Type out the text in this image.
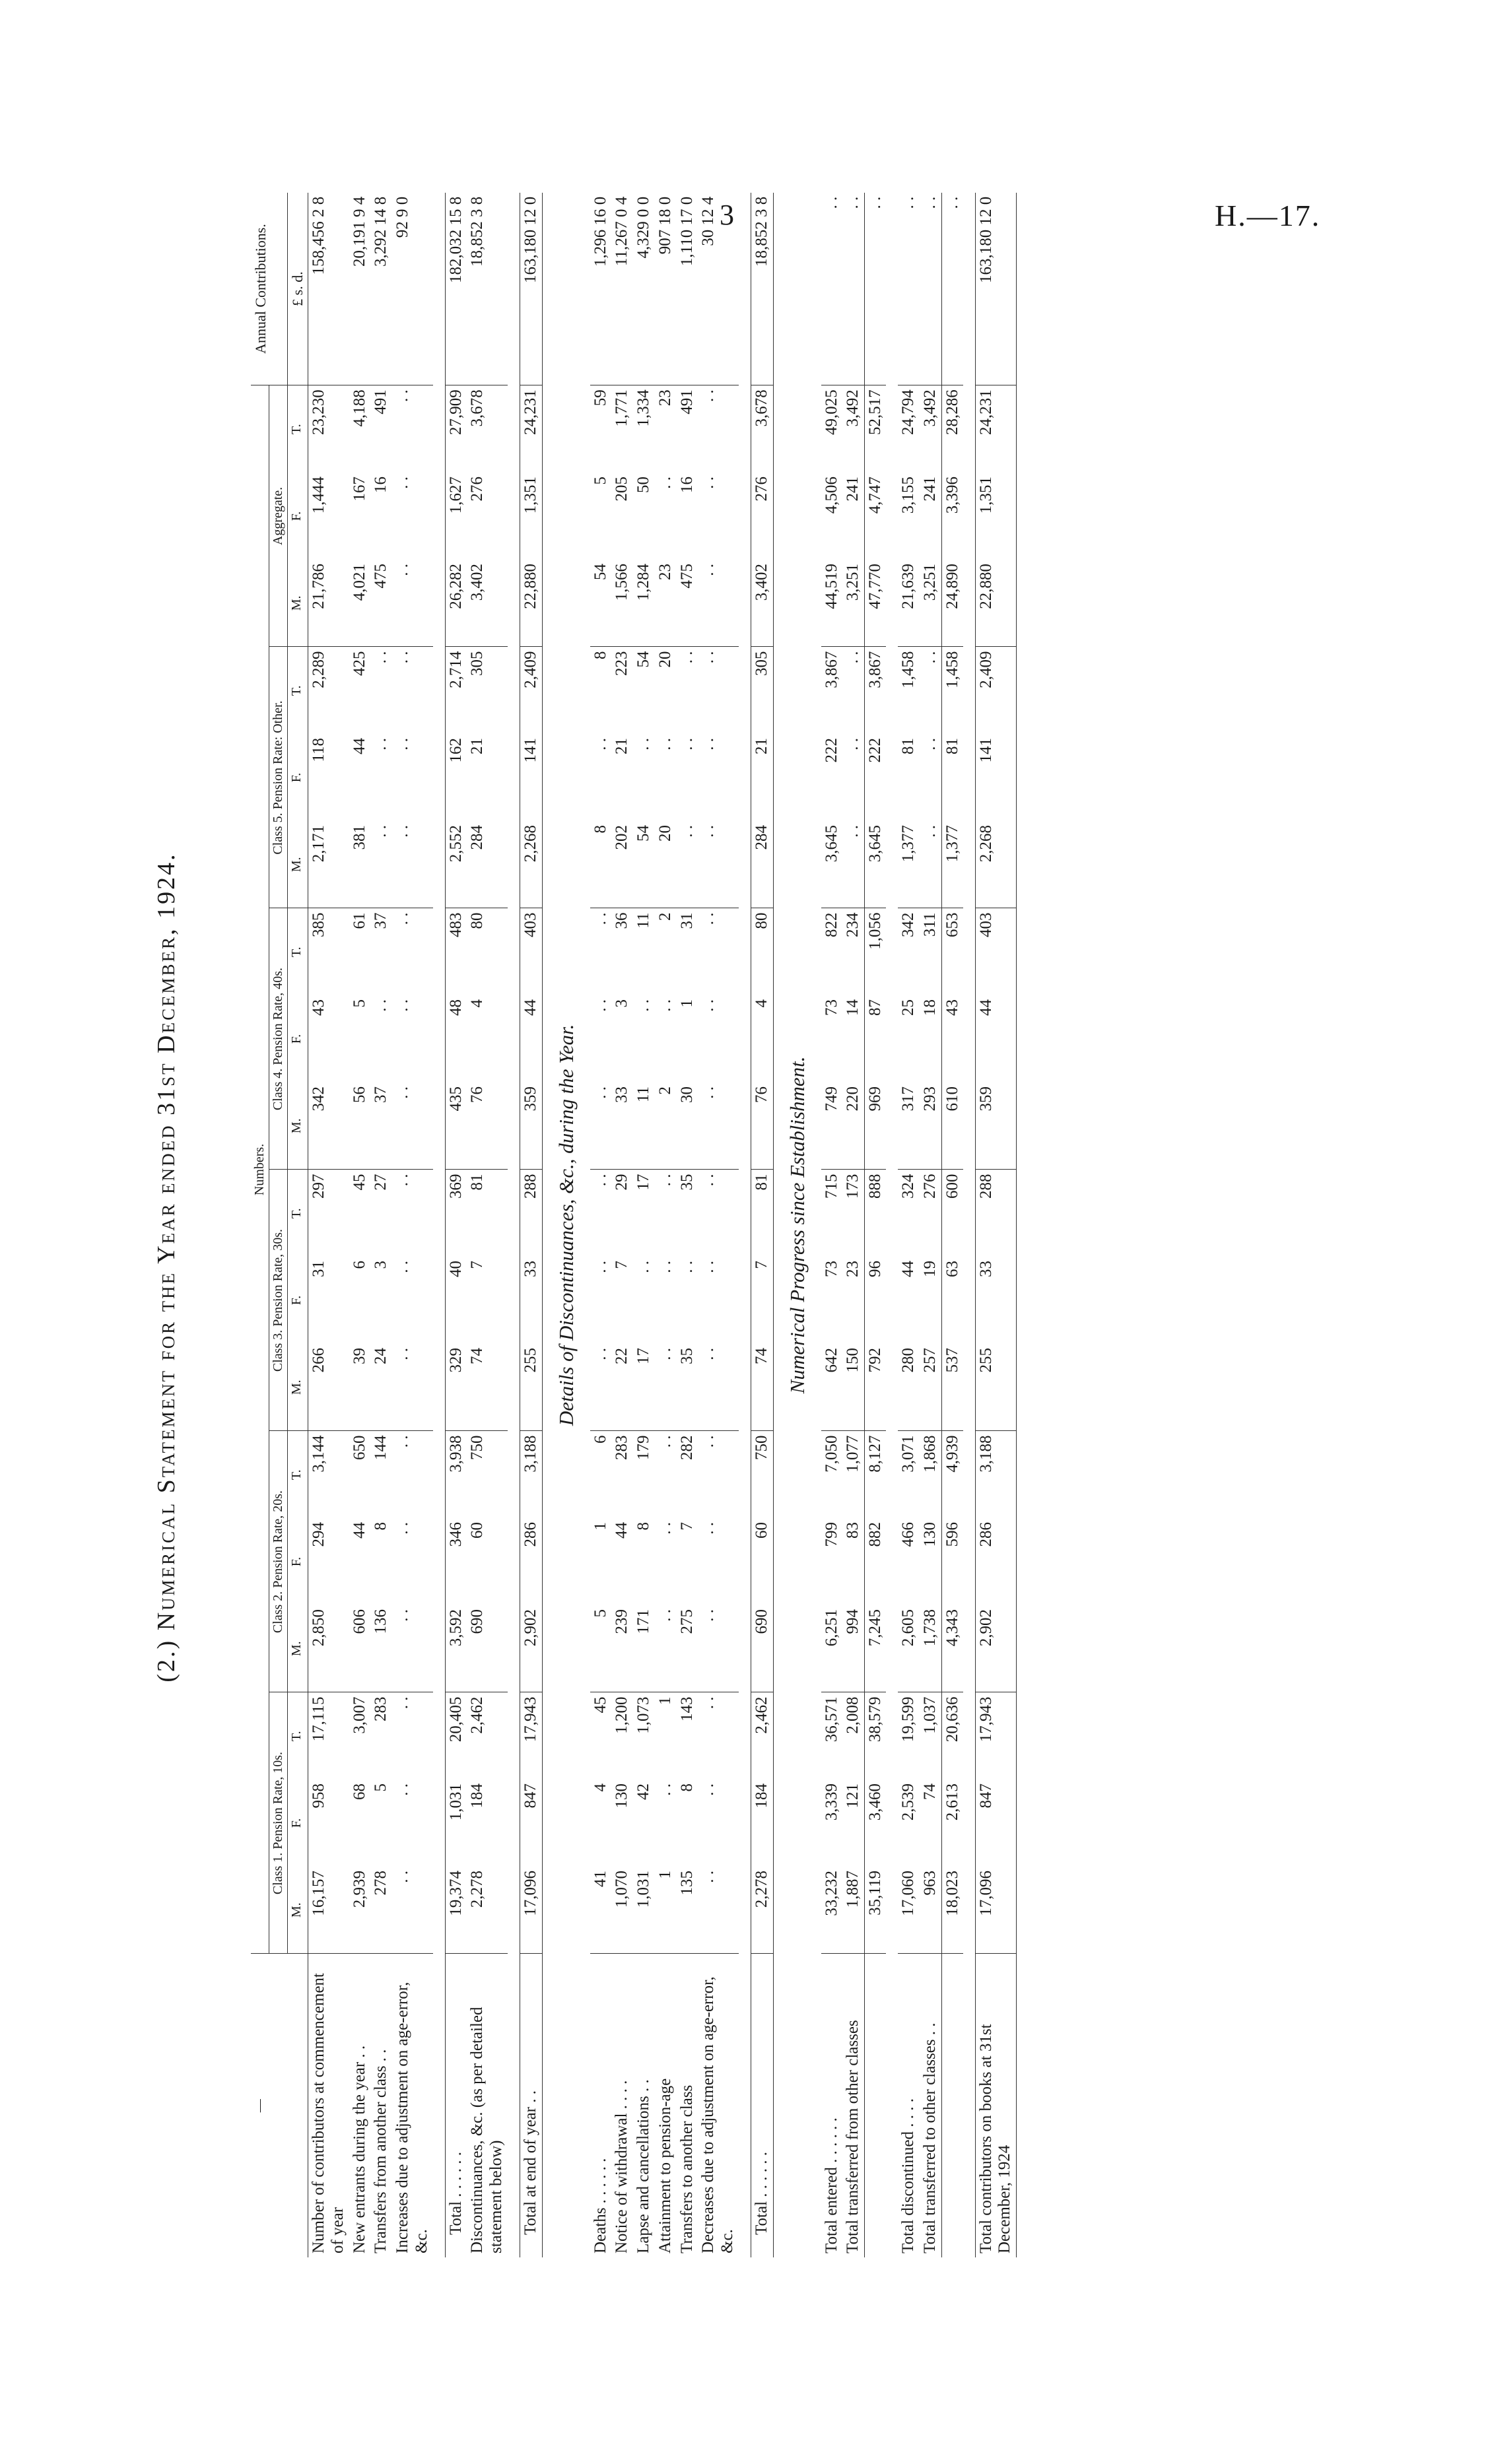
3	H.—17.
(2.) Numerical Statement for the Year ended 31st December, 1924.
—	Numbers.																		Annual Contributions.
	Class 1. Pension Rate, 10s.			Class 2. Pension Rate, 20s.			Class 3. Pension Rate, 30s.			Class 4. Pension Rate, 40s.			Class 5. Pension Rate: Other.			Aggregate.			
	M.	F.	T.	M.	F.	T.	M.	F.	T.	M.	F.	T.	M.	F.	T.	M.	F.	T.	£ s. d.
Number of contributors at commencement of year	16,157	958	17,115	2,850	294	3,144	266	31	297	342	43	385	2,171	118	2,289	21,786	1,444	23,230	158,456 2 8
New entrants during the year . .	2,939	68	3,007	606	44	650	39	6	45	56	5	61	381	44	425	4,021	167	4,188	20,191 9 4
Transfers from another class . .	278	5	283	136	8	144	24	3	27	37	. .	37	. .	. .	. .	475	16	491	3,292 14 8
Increases due to adjustment on age-error, &c.	. .	. .	. .	. .	. .	. .	. .	. .	. .	. .	. .	. .	. .	. .	. .	. .	. .	. .	92 9 0

Total . . . . . .	19,374	1,031	20,405	3,592	346	3,938	329	40	369	435	48	483	2,552	162	2,714	26,282	1,627	27,909	182,032 15 8
Discontinuances, &c. (as per detailed statement below)	2,278	184	2,462	690	60	750	74	7	81	76	4	80	284	21	305	3,402	276	3,678	18,852 3 8

Total at end of year . .	17,096	847	17,943	2,902	286	3,188	255	33	288	359	44	403	2,268	141	2,409	22,880	1,351	24,231	163,180 12 0
Details of Discontinuances, &c., during the Year.																			
Deaths . . . . . .	41	4	45	5	1	6	. .	. .	. .	. .	. .	. .	8	. .	8	54	5	59	1,296 16 0
Notice of withdrawal . . . .	1,070	130	1,200	239	44	283	22	7	29	33	3	36	202	21	223	1,566	205	1,771	11,267 0 4
Lapse and cancellations . .	1,031	42	1,073	171	8	179	17	. .	17	11	. .	11	54	. .	54	1,284	50	1,334	4,329 0 0
Attainment to pension-age	1	. .	1	. .	. .	. .	. .	. .	. .	2	. .	2	20	. .	20	23	. .	23	907 18 0
Transfers to another class	135	8	143	275	7	282	35	. .	35	30	1	31	. .	. .	. .	475	16	491	1,110 17 0
Decreases due to adjustment on age-error, &c.	. .	. .	. .	. .	. .	. .	. .	. .	. .	. .	. .	. .	. .	. .	. .	. .	. .	. .	30 12 4

Total . . . . . .	2,278	184	2,462	690	60	750	74	7	81	76	4	80	284	21	305	3,402	276	3,678	18,852 3 8
Numerical Progress since Establishment.																			
Total entered . . . . . .	33,232	3,339	36,571	6,251	799	7,050	642	73	715	749	73	822	3,645	222	3,867	44,519	4,506	49,025	. .
Total transferred from other classes	1,887	121	2,008	994	83	1,077	150	23	173	220	14	234	. .	. .	. .	3,251	241	3,492	. .
	35,119	3,460	38,579	7,245	882	8,127	792	96	888	969	87	1,056	3,645	222	3,867	47,770	4,747	52,517	. .

Total discontinued . . . .	17,060	2,539	19,599	2,605	466	3,071	280	44	324	317	25	342	1,377	81	1,458	21,639	3,155	24,794	. .
Total transferred to other classes . .	963	74	1,037	1,738	130	1,868	257	19	276	293	18	311	. .	. .	. .	3,251	241	3,492	. .
	18,023	2,613	20,636	4,343	596	4,939	537	63	600	610	43	653	1,377	81	1,458	24,890	3,396	28,286	. .

Total contributors on books at 31st December, 1924	17,096	847	17,943	2,902	286	3,188	255	33	288	359	44	403	2,268	141	2,409	22,880	1,351	24,231	163,180 12 0
